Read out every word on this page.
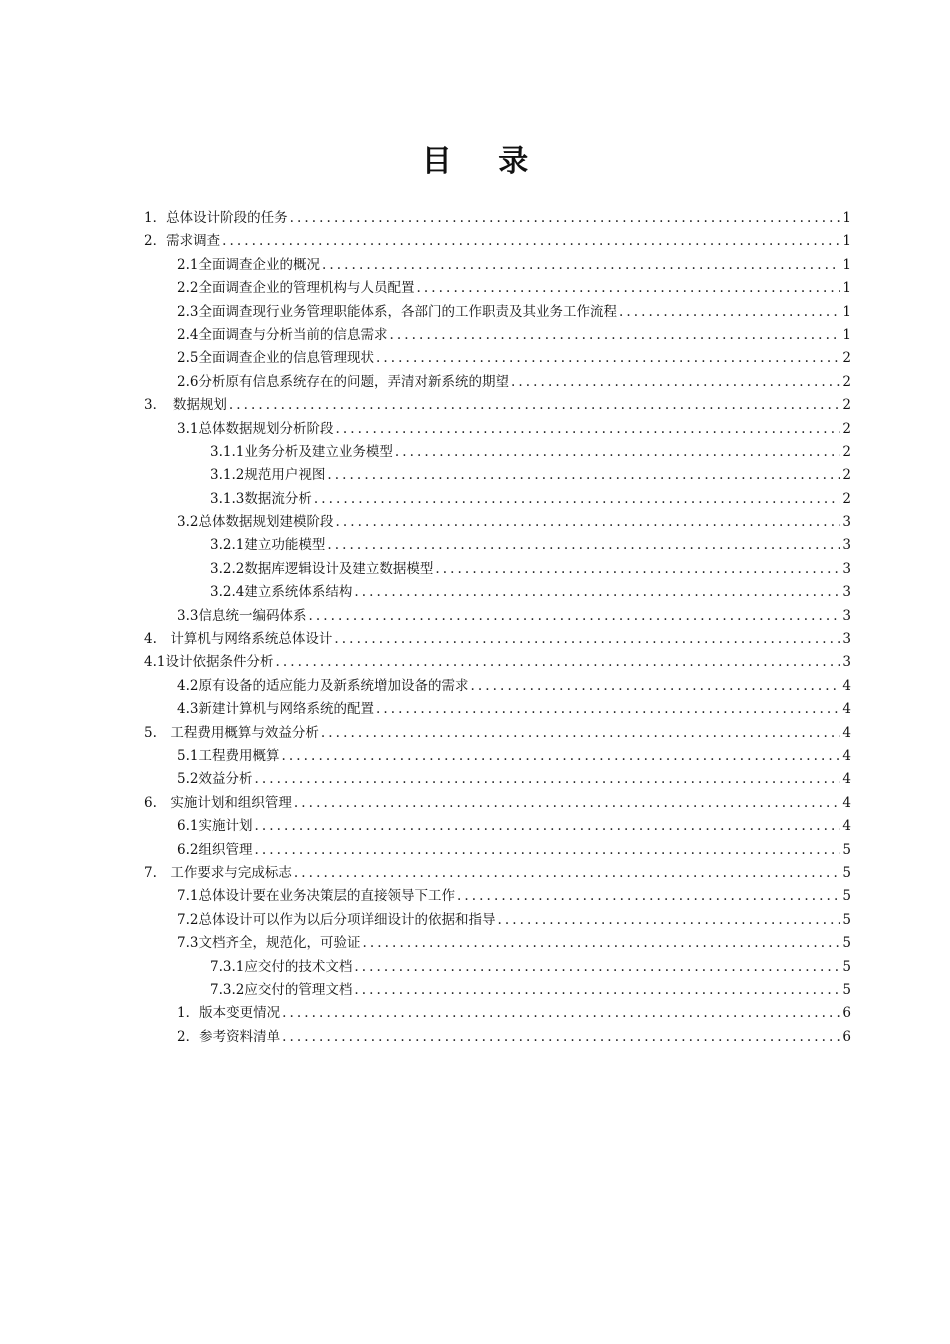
目 录
1．总体设计阶段的任务 .....	1
2．需求调查 .....	1
2.1全面调查企业的概况 .....	1
2.2全面调查企业的管理机构与人员配置 .....	1
2.3全面调查现行业务管理职能体系，各部门的工作职责及其业务工作流程 .....	1
2.4全面调查与分析当前的信息需求 .....	1
2.5全面调查企业的信息管理现状 .....	2
2.6分析原有信息系统存在的问题，弄清对新系统的期望 .....	2
3．　数据规划 .....	2
3.1总体数据规划分析阶段 .....	2
3.1.1业务分析及建立业务模型 .....	2
3.1.2规范用户视图 .....	2
3.1.3数据流分析 .....	2
3.2总体数据规划建模阶段 .....	3
3.2.1建立功能模型 .....	3
3.2.2数据库逻辑设计及建立数据模型 .....	3
3.2.4建立系统体系结构 .....	3
3.3信息统一编码体系 .....	3
4.　计算机与网络系统总体设计 .....	3
4.1设计依据条件分析 .....	3
4.2原有设备的适应能力及新系统增加设备的需求 .....	4
4.3新建计算机与网络系统的配置 .....	4
5.　工程费用概算与效益分析 .....	4
5.1工程费用概算 .....	4
5.2效益分析 .....	4
6.　实施计划和组织管理 .....	4
6.1实施计划 .....	4
6.2组织管理 .....	5
7.　工作要求与完成标志 .....	5
7.1总体设计要在业务决策层的直接领导下工作 .....	5
7.2总体设计可以作为以后分项详细设计的依据和指导 .....	5
7.3文档齐全，规范化，可验证 .....	5
7.3.1应交付的技术文档 .....	5
7.3.2应交付的管理文档 .....	5
1．版本变更情况 .....	6
2．参考资料清单 .....	6
